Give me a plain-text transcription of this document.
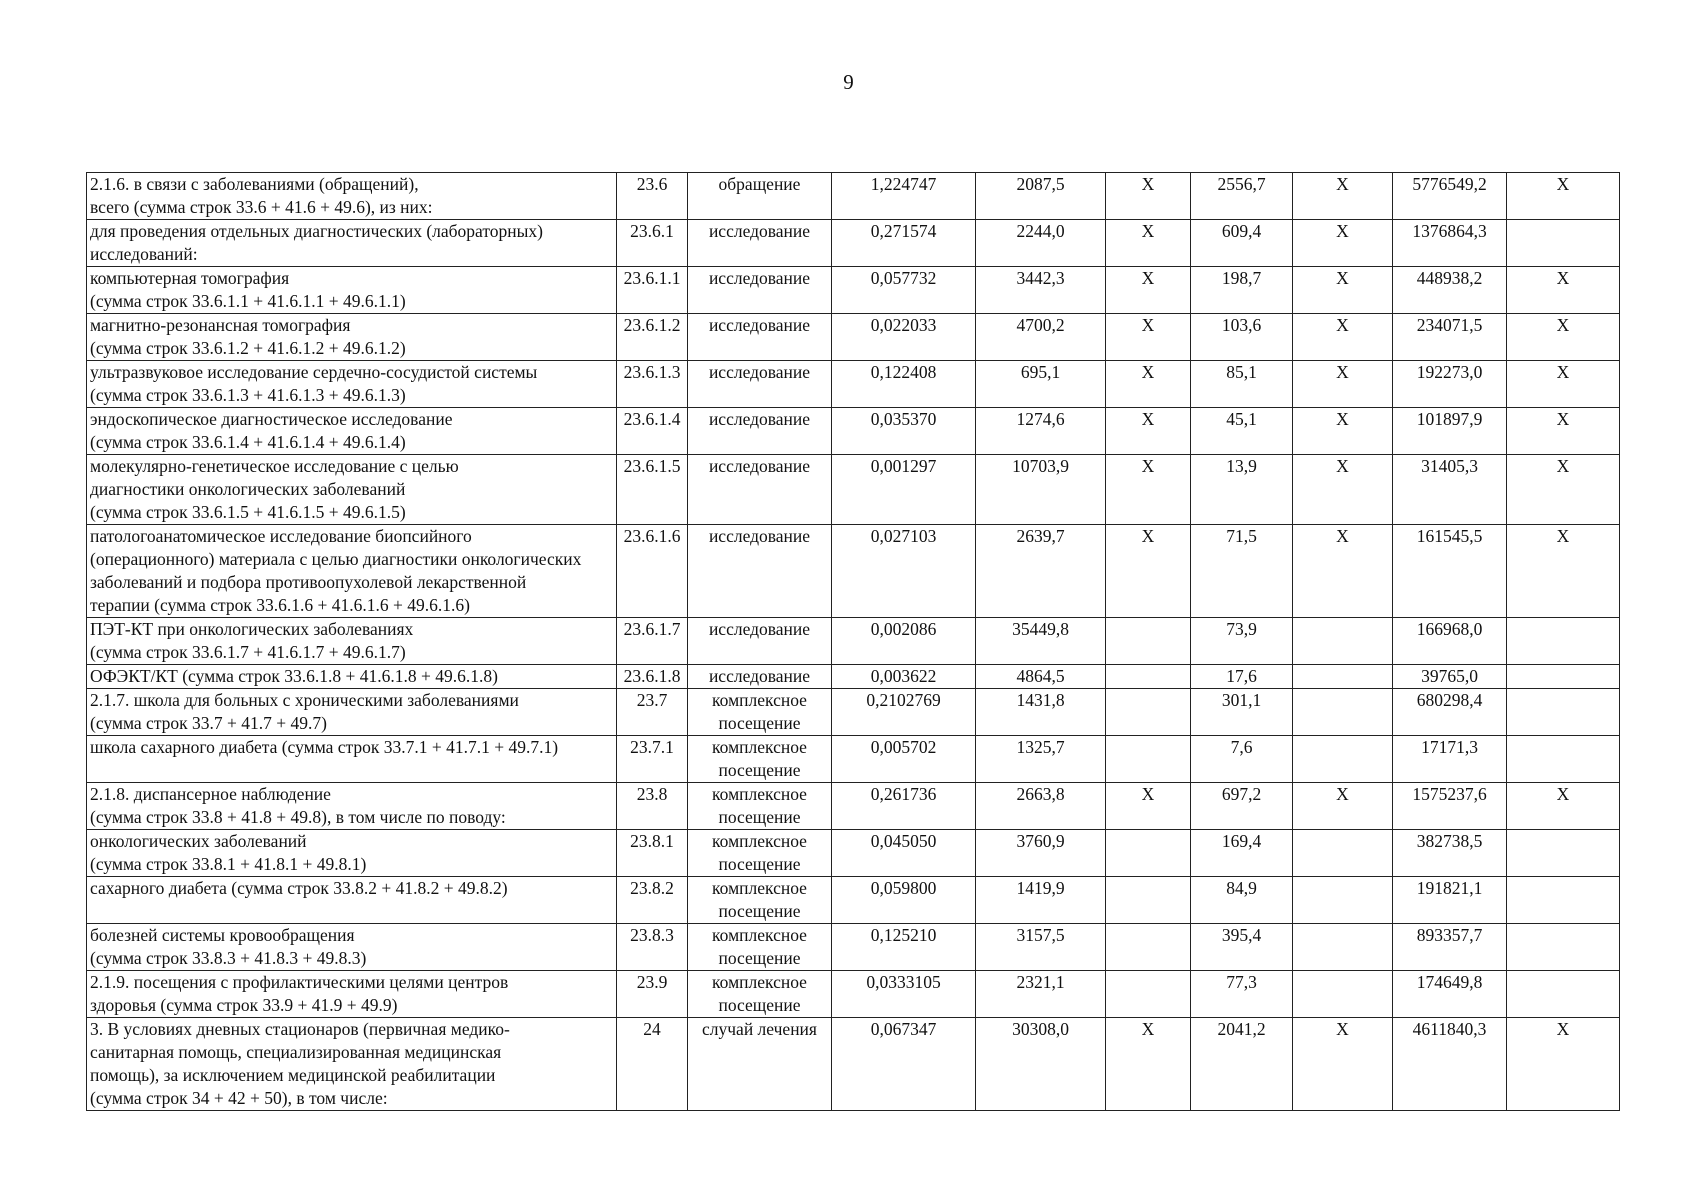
9
2.1.6. в связи с заболеваниями (обращений),
всего (сумма строк 33.6 + 41.6 + 49.6), из них:	23.6	обращение	1,224747	2087,5	Х	2556,7	Х	5776549,2	Х
для проведения отдельных диагностических (лабораторных)
исследований:	23.6.1	исследование	0,271574	2244,0	Х	609,4	Х	1376864,3	
компьютерная томография
(сумма строк 33.6.1.1 + 41.6.1.1 + 49.6.1.1)	23.6.1.1	исследование	0,057732	3442,3	Х	198,7	Х	448938,2	Х
магнитно-резонансная томография
(сумма строк 33.6.1.2 + 41.6.1.2 + 49.6.1.2)	23.6.1.2	исследование	0,022033	4700,2	Х	103,6	Х	234071,5	Х
ультразвуковое исследование сердечно-сосудистой системы
(сумма строк 33.6.1.3 + 41.6.1.3 + 49.6.1.3)	23.6.1.3	исследование	0,122408	695,1	Х	85,1	Х	192273,0	Х
эндоскопическое диагностическое исследование
(сумма строк 33.6.1.4 + 41.6.1.4 + 49.6.1.4)	23.6.1.4	исследование	0,035370	1274,6	Х	45,1	Х	101897,9	Х
молекулярно-генетическое исследование с целью
диагностики онкологических заболеваний
(сумма строк 33.6.1.5 + 41.6.1.5 + 49.6.1.5)	23.6.1.5	исследование	0,001297	10703,9	Х	13,9	Х	31405,3	Х
патологоанатомическое исследование биопсийного
(операционного) материала с целью диагностики онкологических
заболеваний и подбора противоопухолевой лекарственной
терапии (сумма строк 33.6.1.6 + 41.6.1.6 + 49.6.1.6)	23.6.1.6	исследование	0,027103	2639,7	Х	71,5	Х	161545,5	Х
ПЭТ-КТ при онкологических заболеваниях
(сумма строк 33.6.1.7 + 41.6.1.7 + 49.6.1.7)	23.6.1.7	исследование	0,002086	35449,8		73,9		166968,0	
ОФЭКТ/КТ (сумма строк 33.6.1.8 + 41.6.1.8 + 49.6.1.8)	23.6.1.8	исследование	0,003622	4864,5		17,6		39765,0	
2.1.7. школа для больных с хроническими заболеваниями
(сумма строк 33.7 + 41.7 + 49.7)	23.7	комплексное
посещение	0,2102769	1431,8		301,1		680298,4	
школа сахарного диабета (сумма строк 33.7.1 + 41.7.1 + 49.7.1)	23.7.1	комплексное
посещение	0,005702	1325,7		7,6		17171,3	
2.1.8. диспансерное наблюдение
(сумма строк 33.8 + 41.8 + 49.8), в том числе по поводу:	23.8	комплексное
посещение	0,261736	2663,8	Х	697,2	Х	1575237,6	Х
онкологических заболеваний
(сумма строк 33.8.1 + 41.8.1 + 49.8.1)	23.8.1	комплексное
посещение	0,045050	3760,9		169,4		382738,5	
сахарного диабета (сумма строк 33.8.2 + 41.8.2 + 49.8.2)	23.8.2	комплексное
посещение	0,059800	1419,9		84,9		191821,1	
болезней системы кровообращения
(сумма строк 33.8.3 + 41.8.3 + 49.8.3)	23.8.3	комплексное
посещение	0,125210	3157,5		395,4		893357,7	
2.1.9. посещения с профилактическими целями центров
здоровья (сумма строк 33.9 + 41.9 + 49.9)	23.9	комплексное
посещение	0,0333105	2321,1		77,3		174649,8	
3. В условиях дневных стационаров (первичная медико-
санитарная помощь, специализированная медицинская
помощь), за исключением медицинской реабилитации
(сумма строк 34 + 42 + 50), в том числе:	24	случай лечения	0,067347	30308,0	Х	2041,2	Х	4611840,3	Х
